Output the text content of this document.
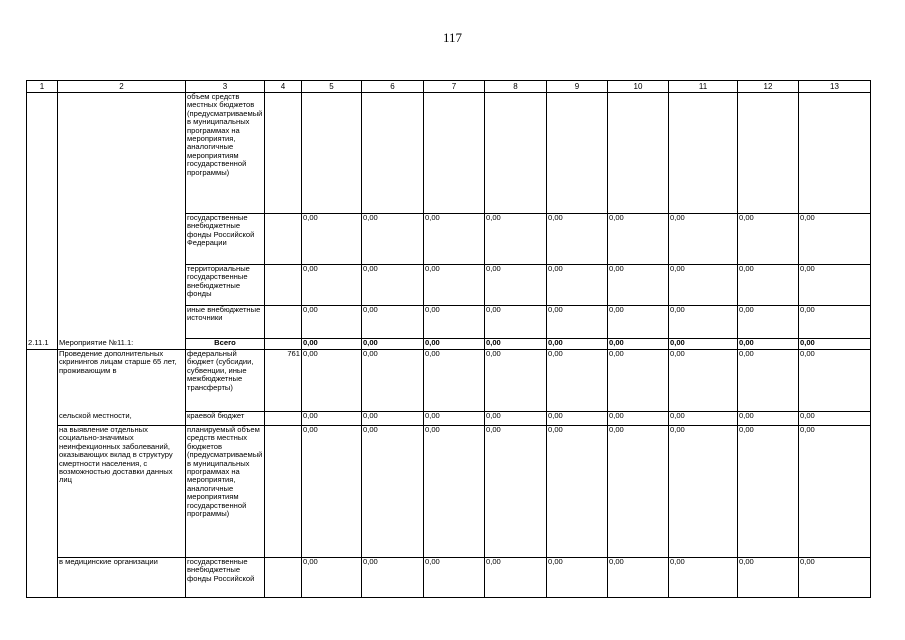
117
1	2	3	4	5	6	7	8	9	10	11	12	13
		объем средств местных бюджетов (предусматриваемый в муниципальных программах на мероприятия, аналогичные мероприятиям государственной программы)										
		государственные внебюджетные фонды Российской Федерации		0,00	0,00	0,00	0,00	0,00	0,00	0,00	0,00	0,00
		территориальные государственные внебюджетные фонды		0,00	0,00	0,00	0,00	0,00	0,00	0,00	0,00	0,00
		иные внебюджетные источники		0,00	0,00	0,00	0,00	0,00	0,00	0,00	0,00	0,00
2.11.1	Мероприятие №11.1:	Всего		0,00	0,00	0,00	0,00	0,00	0,00	0,00	0,00	0,00
	Проведение дополнительных скринингов лицам старше 65 лет, проживающим в	федеральный бюджет (субсидии, субвенции, иные межбюджетные трансферты)	761	0,00	0,00	0,00	0,00	0,00	0,00	0,00	0,00	0,00
	сельской местности,	краевой бюджет		0,00	0,00	0,00	0,00	0,00	0,00	0,00	0,00	0,00
	на выявление отдельных социально-значимых неинфекционных заболеваний, оказывающих вклад в структуру смертности населения, с возможностью доставки данных лиц	планируемый объем средств местных бюджетов (предусматриваемый в муниципальных программах на мероприятия, аналогичные мероприятиям государственной программы)		0,00	0,00	0,00	0,00	0,00	0,00	0,00	0,00	0,00
	в медицинские организации	государственные внебюджетные фонды Российской		0,00	0,00	0,00	0,00	0,00	0,00	0,00	0,00	0,00
